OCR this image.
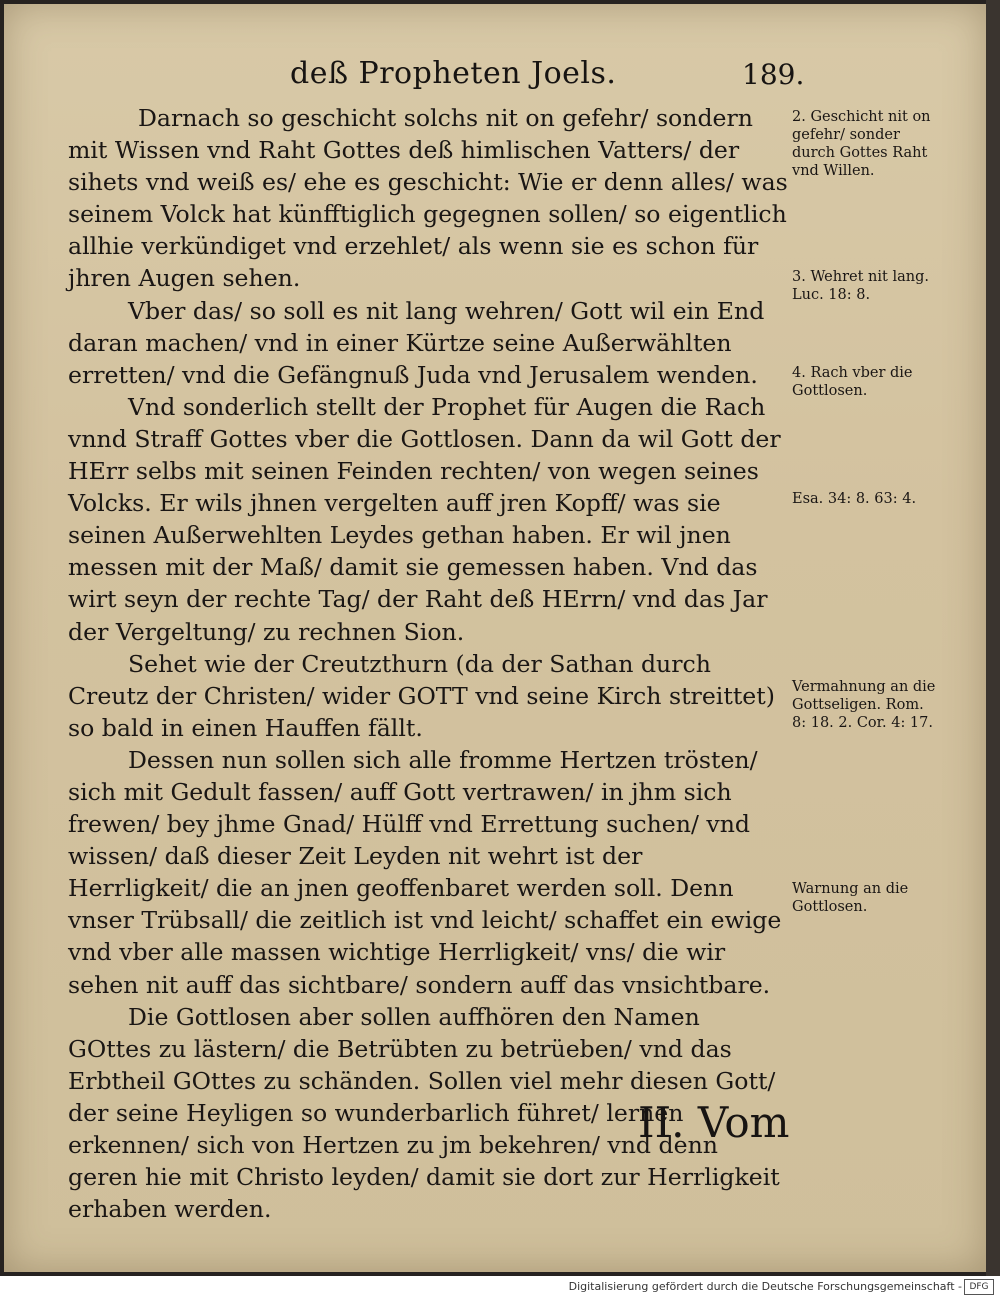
deß Propheten Joels.	189.

Darnach so geschicht solchs nit on gefehr/ sondern mit Wissen vnd Raht Gottes deß himlischen Vatters/ der sihets vnd weiß es/ ehe es geschicht: Wie er denn alles/ was seinem Volck hat künfftiglich gegegnen sollen/ so eigentlich allhie verkündiget vnd erzehlet/ als wenn sie es schon für jhren Augen sehen.

Vber das/ so soll es nit lang wehren/ Gott wil ein End daran machen/ vnd in einer Kürtze seine Außerwählten erretten/ vnd die Gefängnuß Juda vnd Jerusalem wenden.

Vnd sonderlich stellt der Prophet für Augen die Rach vnnd Straff Gottes vber die Gottlosen. Dann da wil Gott der HErr selbs mit seinen Feinden rechten/ von wegen seines Volcks. Er wils jhnen vergelten auff jren Kopff/ was sie seinen Außerwehlten Leydes gethan haben. Er wil jnen messen mit der Maß/ damit sie gemessen haben. Vnd das wirt seyn der rechte Tag/ der Raht deß HErrn/ vnd das Jar der Vergeltung/ zu rechnen Sion.

Sehet wie der Creutzthurn (da der Sathan durch Creutz der Christen/ wider GOTT vnd seine Kirch streittet) so bald in einen Hauffen fällt.

Dessen nun sollen sich alle fromme Hertzen trösten/ sich mit Gedult fassen/ auff Gott vertrawen/ in jhm sich frewen/ bey jhme Gnad/ Hülff vnd Errettung suchen/ vnd wissen/ daß dieser Zeit Leyden nit wehrt ist der Herrligkeit/ die an jnen geoffenbaret werden soll. Denn vnser Trübsall/ die zeitlich ist vnd leicht/ schaffet ein ewige vnd vber alle massen wichtige Herrligkeit/ vns/ die wir sehen nit auff das sichtbare/ sondern auff das vnsichtbare.

Die Gottlosen aber sollen auffhören den Namen GOttes zu lästern/ die Betrübten zu betrüeben/ vnd das Erbtheil GOttes zu schänden. Sollen viel mehr diesen Gott/ der seine Heyligen so wunderbarlich führet/ lernen erkennen/ sich von Hertzen zu jm bekehren/ vnd denn geren hie mit Christo leyden/ damit sie dort zur Herrligkeit erhaben werden.

2. Geschicht nit on gefehr/ sonder durch Gottes Raht vnd Willen.
3. Wehret nit lang. Luc. 18: 8.
4. Rach vber die Gottlosen.
Esa. 34: 8. 63: 4.
Vermahnung an die Gottseligen. Rom. 8: 18. 2. Cor. 4: 17.
Warnung an die Gottlosen.
II. Vom
Digitalisierung gefördert durch die Deutsche Forschungsgemeinschaft - DFG
